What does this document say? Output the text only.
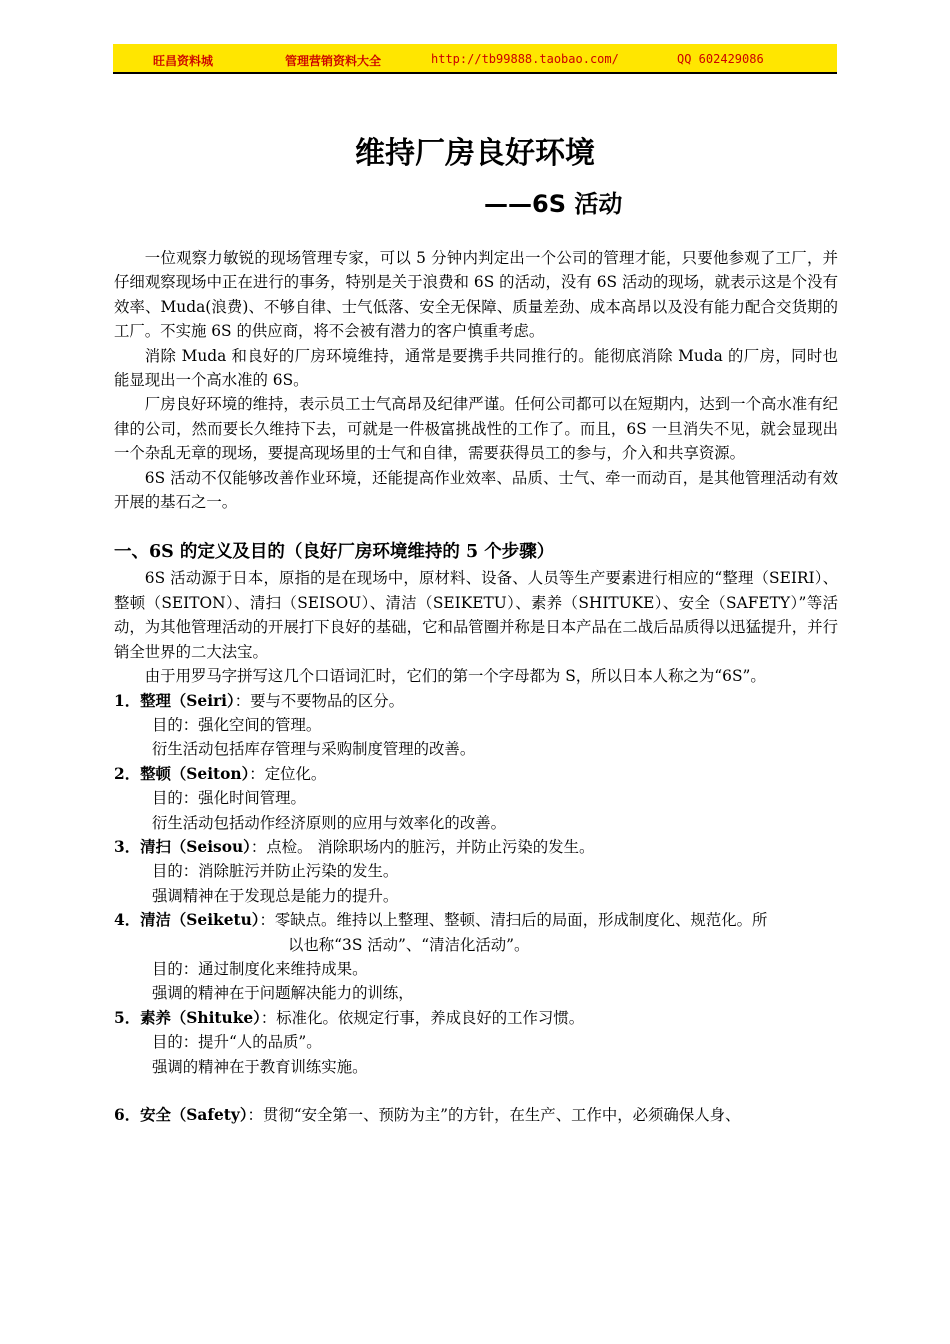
旺昌资料城	管理营销资料大全	http://tb99888.taobao.com/	QQ 602429086
维持厂房良好环境
——6S 活动

一位观察力敏锐的现场管理专家，可以 5 分钟内判定出一个公司的管理才能，只要他参观了工厂，并仔细观察现场中正在进行的事务，特别是关于浪费和 6S 的活动，没有 6S 活动的现场，就表示这是个没有效率、Muda(浪费)、不够自律、士气低落、安全无保障、质量差劲、成本高昂以及没有能力配合交货期的工厂。不实施 6S 的供应商，将不会被有潜力的客户慎重考虑。

消除 Muda 和良好的厂房环境维持，通常是要携手共同推行的。能彻底消除 Muda 的厂房，同时也能显现出一个高水准的 6S。

厂房良好环境的维持，表示员工士气高昂及纪律严谨。任何公司都可以在短期内，达到一个高水准有纪律的公司，然而要长久维持下去，可就是一件极富挑战性的工作了。而且，6S 一旦消失不见，就会显现出一个杂乱无章的现场，要提高现场里的士气和自律，需要获得员工的参与，介入和共享资源。

6S 活动不仅能够改善作业环境，还能提高作业效率、品质、士气、牵一而动百，是其他管理活动有效开展的基石之一。

一、6S 的定义及目的（良好厂房环境维持的 5 个步骤）

6S 活动源于日本，原指的是在现场中，原材料、设备、人员等生产要素进行相应的“整理（SEIRI）、整顿（SEITON）、清扫（SEISOU）、清洁（SEIKETU）、素养（SHITUKE）、安全（SAFETY）”等活动，为其他管理活动的开展打下良好的基础，它和品管圈并称是日本产品在二战后品质得以迅猛提升，并行销全世界的二大法宝。

由于用罗马字拼写这几个口语词汇时，它们的第一个字母都为 S，所以日本人称之为“6S”。

1．整理（Seiri）：要与不要物品的区分。

目的：强化空间的管理。

衍生活动包括库存管理与采购制度管理的改善。

2．整顿（Seiton）：定位化。

目的：强化时间管理。

衍生活动包括动作经济原则的应用与效率化的改善。

3．清扫（Seisou）：点检。 消除职场内的脏污，并防止污染的发生。

目的：消除脏污并防止污染的发生。

强调精神在于发现总是能力的提升。

4．清洁（Seiketu）：零缺点。维持以上整理、整顿、清扫后的局面，形成制度化、规范化。所

以也称“3S 活动”、“清洁化活动”。

目的：通过制度化来维持成果。

强调的精神在于问题解决能力的训练，

5．素养（Shituke）：标准化。依规定行事，养成良好的工作习惯。

目的：提升“人的品质”。

强调的精神在于教育训练实施。

6．安全（Safety）：贯彻“安全第一、预防为主”的方针，在生产、工作中，必须确保人身、
